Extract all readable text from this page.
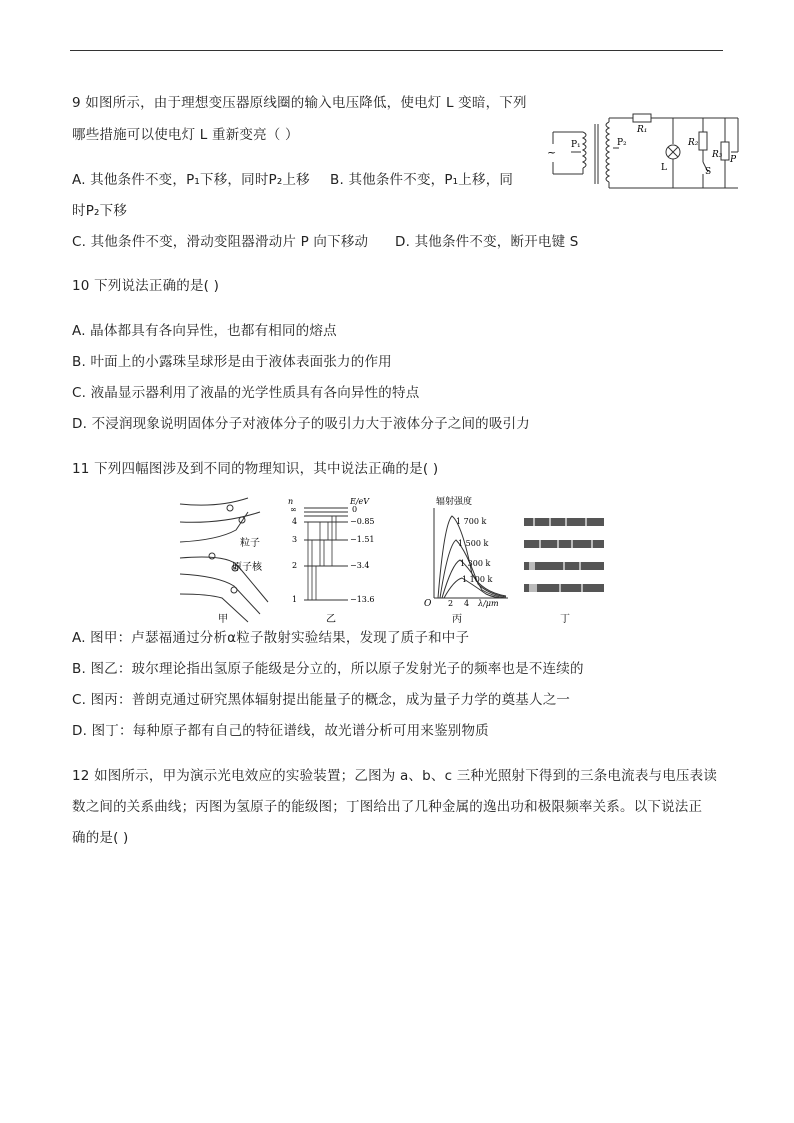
9 如图所示，由于理想变压器原线圈的输入电压降低，使电灯 L 变暗，下列
哪些措施可以使电灯 L 重新变亮（ ）
A. 其他条件不变，P₁下移，同时P₂上移 B. 其他条件不变，P₁上移，同
时P₂下移
C. 其他条件不变，滑动变阻器滑动片 P 向下移动 D. 其他条件不变，断开电键 S
~
P₁	P₂
R₁
L
R₂
S
R₃ P
10 下列说法正确的是( )
A. 晶体都具有各向异性，也都有相同的熔点
B. 叶面上的小露珠呈球形是由于液体表面张力的作用
C. 液晶显示器利用了液晶的光学性质具有各向异性的特点
D. 不浸润现象说明固体分子对液体分子的吸引力大于液体分子之间的吸引力
11 下列四幅图涉及到不同的物理知识，其中说法正确的是( )
粒子
原子核
甲
n	E/eV
∞	0
4	−0.85
3	−1.51
2	−3.4
1	−13.6
乙
辐射强度
1 700 k
1 500 k
1 300 k
1 100 k
O 2 4 λ/μm
丙	丁
A. 图甲：卢瑟福通过分析α粒子散射实验结果，发现了质子和中子
B. 图乙：玻尔理论指出氢原子能级是分立的，所以原子发射光子的频率也是不连续的
C. 图丙：普朗克通过研究黑体辐射提出能量子的概念，成为量子力学的奠基人之一
D. 图丁：每种原子都有自己的特征谱线，故光谱分析可用来鉴别物质
12 如图所示，甲为演示光电效应的实验装置；乙图为 a、b、c 三种光照射下得到的三条电流表与电压表读
数之间的关系曲线；丙图为氢原子的能级图；丁图给出了几种金属的逸出功和极限频率关系。以下说法正
确的是( )
